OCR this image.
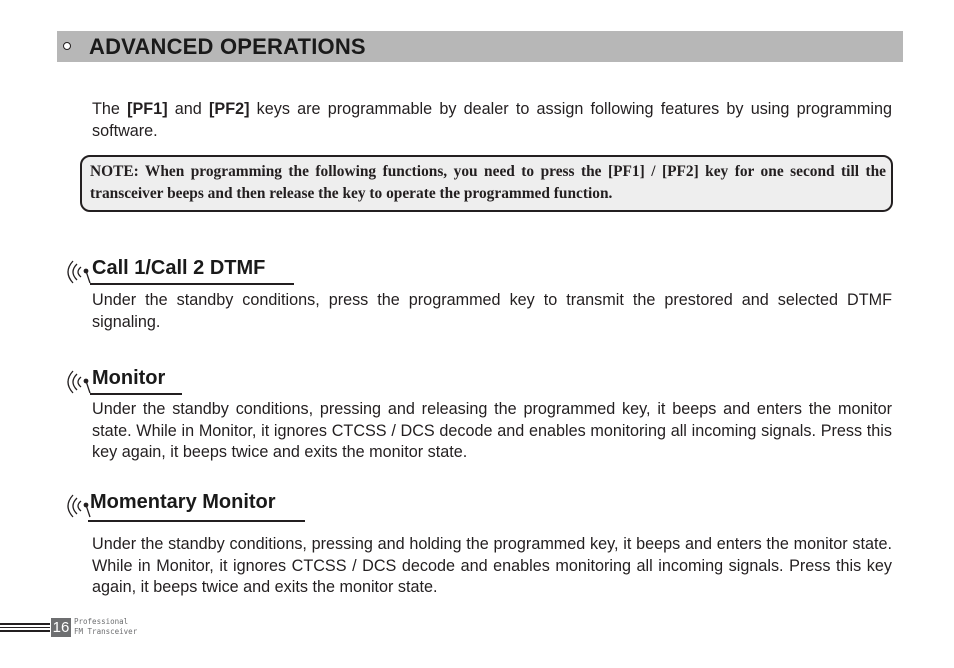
ADVANCED OPERATIONS
The [PF1] and [PF2] keys are programmable by dealer to assign following features by using programming software.
NOTE: When programming the following functions, you need to press the [PF1] / [PF2] key for one second till the transceiver beeps and then release the key to operate the programmed function.
Call 1/Call 2 DTMF
Under the standby conditions, press the programmed key to transmit the prestored and selected DTMF signaling.
Monitor
Under the standby conditions, pressing and releasing the programmed key, it beeps and enters the monitor state. While in Monitor, it ignores CTCSS / DCS decode and enables monitoring all incoming signals. Press this key again, it beeps twice and exits the monitor state.
Momentary Monitor
Under the standby conditions, pressing and holding the programmed key, it beeps and enters the monitor state. While in Monitor, it ignores CTCSS / DCS decode and enables monitoring all incoming signals. Press this key again, it beeps twice and exits the monitor state.
16 Professional
FM Transceiver
